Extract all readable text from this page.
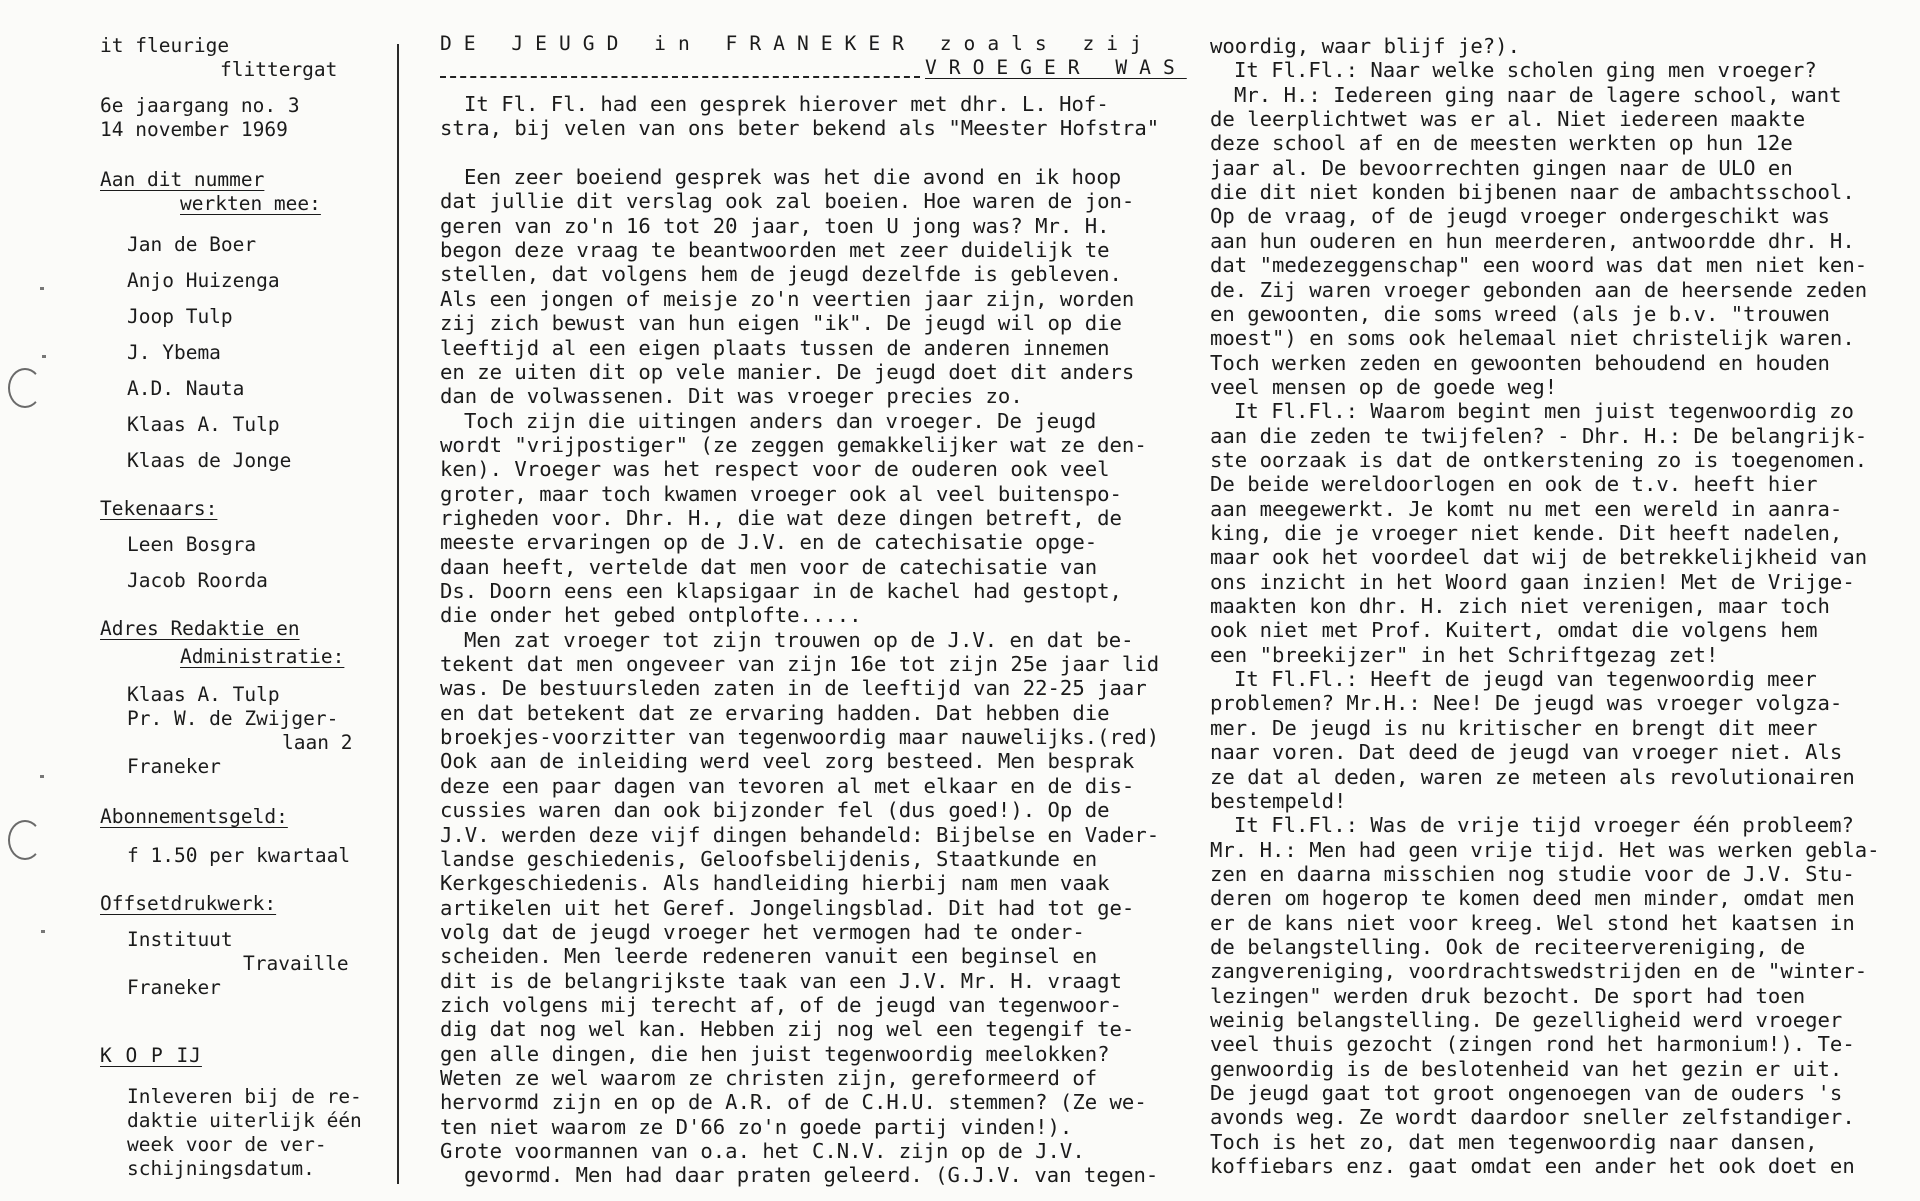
it fleurige
flittergat
6e jaargang no. 3
14 november 1969
Aan dit nummer
werkten mee:
Jan de Boer
Anjo Huizenga
Joop Tulp
J. Ybema
A.D. Nauta
Klaas A. Tulp
Klaas de Jonge
Tekenaars:
Leen Bosgra
Jacob Roorda
Adres Redaktie en
Administratie:
Klaas A. Tulp
Pr. W. de Zwijger-
laan 2
Franeker
Abonnementsgeld:
f 1.50 per kwartaal
Offsetdrukwerk:
Instituut
Travaille
Franeker
K O P IJ
Inleveren bij de re-
daktie uiterlijk één
week voor de ver-
schijningsdatum.
DE JEUGD in FRANEKER zoals zij

VROEGER WAS

It Fl. Fl. had een gesprek hierover met dhr. L. Hof-
stra, bij velen van ons beter bekend als "Meester Hofstra"
Een zeer boeiend gesprek was het die avond en ik hoop
dat jullie dit verslag ook zal boeien. Hoe waren de jon-
geren van zo'n 16 tot 20 jaar, toen U jong was? Mr. H.
begon deze vraag te beantwoorden met zeer duidelijk te
stellen, dat volgens hem de jeugd dezelfde is gebleven.
Als een jongen of meisje zo'n veertien jaar zijn, worden
zij zich bewust van hun eigen "ik". De jeugd wil op die
leeftijd al een eigen plaats tussen de anderen innemen
en ze uiten dit op vele manier. De jeugd doet dit anders
dan de volwassenen. Dit was vroeger precies zo.
Toch zijn die uitingen anders dan vroeger. De jeugd
wordt "vrijpostiger" (ze zeggen gemakkelijker wat ze den-
ken). Vroeger was het respect voor de ouderen ook veel
groter, maar toch kwamen vroeger ook al veel buitenspo-
righeden voor. Dhr. H., die wat deze dingen betreft, de
meeste ervaringen op de J.V. en de catechisatie opge-
daan heeft, vertelde dat men voor de catechisatie van
Ds. Doorn eens een klapsigaar in de kachel had gestopt,
die onder het gebed ontplofte.....
Men zat vroeger tot zijn trouwen op de J.V. en dat be-
tekent dat men ongeveer van zijn 16e tot zijn 25e jaar lid
was. De bestuursleden zaten in de leeftijd van 22-25 jaar
en dat betekent dat ze ervaring hadden. Dat hebben die
broekjes-voorzitter van tegenwoordig maar nauwelijks.(red)
Ook aan de inleiding werd veel zorg besteed. Men besprak
deze een paar dagen van tevoren al met elkaar en de dis-
cussies waren dan ook bijzonder fel (dus goed!). Op de
J.V. werden deze vijf dingen behandeld: Bijbelse en Vader-
landse geschiedenis, Geloofsbelijdenis, Staatkunde en
Kerkgeschiedenis. Als handleiding hierbij nam men vaak
artikelen uit het Geref. Jongelingsblad. Dit had tot ge-
volg dat de jeugd vroeger het vermogen had te onder-
scheiden. Men leerde redeneren vanuit een beginsel en
dit is de belangrijkste taak van een J.V. Mr. H. vraagt
zich volgens mij terecht af, of de jeugd van tegenwoor-
dig dat nog wel kan. Hebben zij nog wel een tegengif te-
gen alle dingen, die hen juist tegenwoordig meelokken?
Weten ze wel waarom ze christen zijn, gereformeerd of
hervormd zijn en op de A.R. of de C.H.U. stemmen? (Ze we-
ten niet waarom ze D'66 zo'n goede partij vinden!).
Grote voormannen van o.a. het C.N.V. zijn op de J.V.
gevormd. Men had daar praten geleerd. (G.J.V. van tegen-
woordig, waar blijf je?).
It Fl.Fl.: Naar welke scholen ging men vroeger?
Mr. H.: Iedereen ging naar de lagere school, want
de leerplichtwet was er al. Niet iedereen maakte
deze school af en de meesten werkten op hun 12e
jaar al. De bevoorrechten gingen naar de ULO en
die dit niet konden bijbenen naar de ambachtsschool.
Op de vraag, of de jeugd vroeger ondergeschikt was
aan hun ouderen en hun meerderen, antwoordde dhr. H.
dat "medezeggenschap" een woord was dat men niet ken-
de. Zij waren vroeger gebonden aan de heersende zeden
en gewoonten, die soms wreed (als je b.v. "trouwen
moest") en soms ook helemaal niet christelijk waren.
Toch werken zeden en gewoonten behoudend en houden
veel mensen op de goede weg!
It Fl.Fl.: Waarom begint men juist tegenwoordig zo
aan die zeden te twijfelen? - Dhr. H.: De belangrijk-
ste oorzaak is dat de ontkerstening zo is toegenomen.
De beide wereldoorlogen en ook de t.v. heeft hier
aan meegewerkt. Je komt nu met een wereld in aanra-
king, die je vroeger niet kende. Dit heeft nadelen,
maar ook het voordeel dat wij de betrekkelijkheid van
ons inzicht in het Woord gaan inzien! Met de Vrijge-
maakten kon dhr. H. zich niet verenigen, maar toch
ook niet met Prof. Kuitert, omdat die volgens hem
een "breekijzer" in het Schriftgezag zet!
It Fl.Fl.: Heeft de jeugd van tegenwoordig meer
problemen? Mr.H.: Nee! De jeugd was vroeger volgza-
mer. De jeugd is nu kritischer en brengt dit meer
naar voren. Dat deed de jeugd van vroeger niet. Als
ze dat al deden, waren ze meteen als revolutionairen
bestempeld!
It Fl.Fl.: Was de vrije tijd vroeger één probleem?
Mr. H.: Men had geen vrije tijd. Het was werken gebla-
zen en daarna misschien nog studie voor de J.V. Stu-
deren om hogerop te komen deed men minder, omdat men
er de kans niet voor kreeg. Wel stond het kaatsen in
de belangstelling. Ook de reciteervereniging, de
zangvereniging, voordrachtswedstrijden en de "winter-
lezingen" werden druk bezocht. De sport had toen
weinig belangstelling. De gezelligheid werd vroeger
veel thuis gezocht (zingen rond het harmonium!). Te-
genwoordig is de beslotenheid van het gezin er uit.
De jeugd gaat tot groot ongenoegen van de ouders 's
avonds weg. Ze wordt daardoor sneller zelfstandiger.
Toch is het zo, dat men tegenwoordig naar dansen,
koffiebars enz. gaat omdat een ander het ook doet en
